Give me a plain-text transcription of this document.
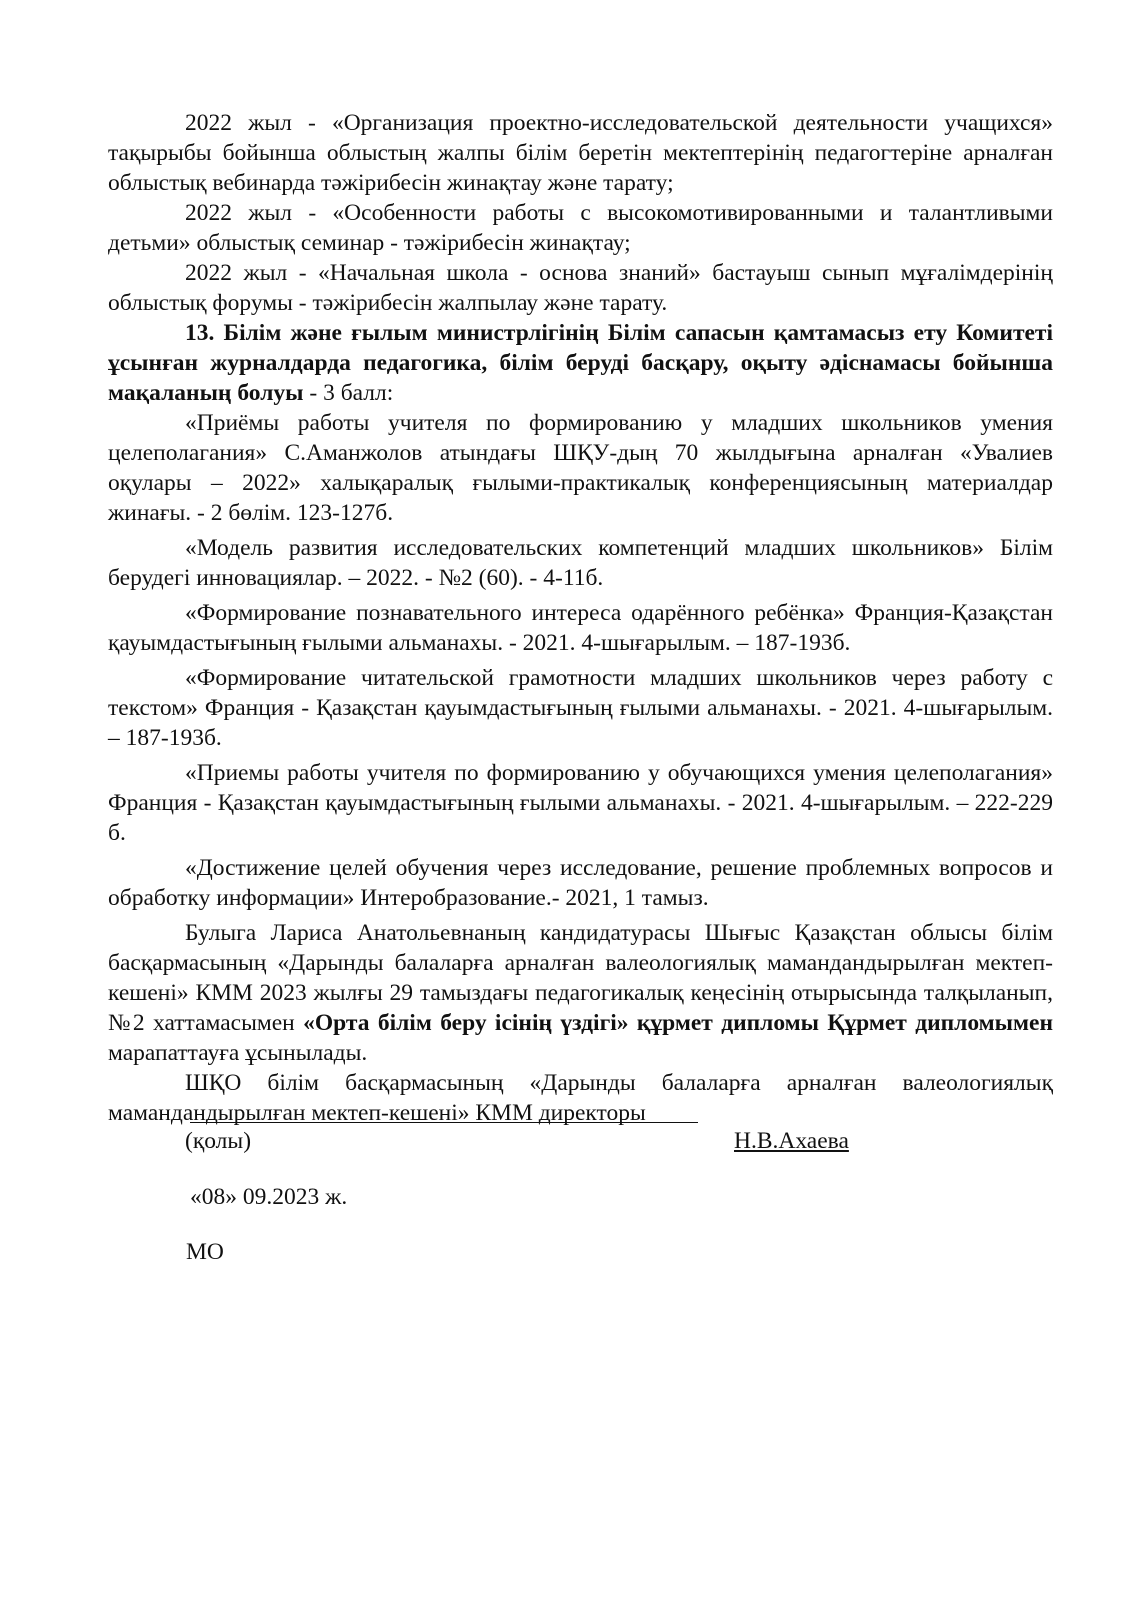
2022 жыл - «Организация проектно-исследовательской деятельности учащихся» тақырыбы бойынша облыстың жалпы білім беретін мектептерінің педагогтеріне арналған облыстық вебинарда тәжірибесін жинақтау және тарату;

2022 жыл - «Особенности работы с высокомотивированными и талантливыми детьми» облыстық семинар - тәжірибесін жинақтау;

2022 жыл - «Начальная школа - основа знаний» бастауыш сынып мұғалімдерінің облыстық форумы - тәжірибесін жалпылау және тарату.

13. Білім және ғылым министрлігінің Білім сапасын қамтамасыз ету Комитеті ұсынған журналдарда педагогика, білім беруді басқару, оқыту әдіснамасы бойынша мақаланың болуы - 3 балл:

«Приёмы работы учителя по формированию у младших школьников умения целеполагания» С.Аманжолов атындағы ШҚУ-дың 70 жылдығына арналған «Увалиев оқулары – 2022» халықаралық ғылыми-практикалық конференциясының материалдар жинағы. - 2 бөлім. 123-127б.

«Модель развития исследовательских компетенций младших школьников» Білім берудегі инновациялар. – 2022. - №2 (60). - 4-11б.

«Формирование познавательного интереса одарённого ребёнка» Франция-Қазақстан қауымдастығының ғылыми альманахы. - 2021. 4-шығарылым. – 187-193б.

«Формирование читательской грамотности младших школьников через работу с текстом» Франция - Қазақстан қауымдастығының ғылыми альманахы. - 2021. 4-шығарылым. – 187-193б.

«Приемы работы учителя по формированию у обучающихся умения целеполагания» Франция - Қазақстан қауымдастығының ғылыми альманахы. - 2021. 4-шығарылым. – 222-229 б.

«Достижение целей обучения через исследование, решение проблемных вопросов и обработку информации» Интеробразование.- 2021, 1 тамыз.

Булыга Лариса Анатольевнаның кандидатурасы Шығыс Қазақстан облысы білім басқармасының «Дарынды балаларға арналған валеологиялық мамандандырылған мектеп-кешені» КММ 2023 жылғы 29 тамыздағы педагогикалық кеңесінің отырысында талқыланып, №2 хаттамасымен «Орта білім беру ісінің үздігі» құрмет дипломы Құрмет дипломымен марапаттауға ұсынылады.

ШҚО білім басқармасының «Дарынды балаларға арналған валеологиялық мамандандырылған мектеп-кешені» КММ директоры

(қолы)	Н.В.Ахаева
«08» 09.2023 ж.
МО
